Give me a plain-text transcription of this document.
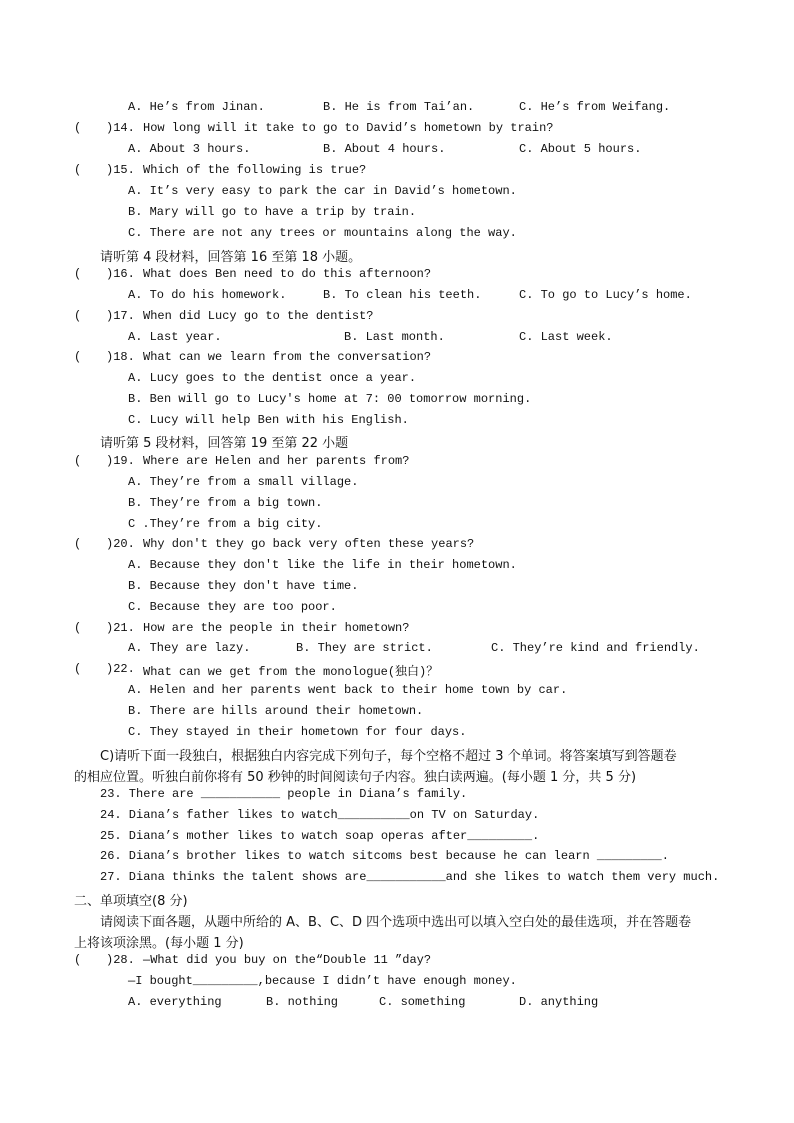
A. He’s from Jinan.	B. He is from Tai’an.	C. He’s from Weifang.
( )14. How long will it take to go to David’s hometown by train?
A. About 3 hours.	B. About 4 hours.	C. About 5 hours.
( )15. Which of the following is true?
A. It’s very easy to park the car in David’s hometown.
B. Mary will go to have a trip by train.
C. There are not any trees or mountains along the way.
请听第 4 段材料，回答第 16 至第 18 小题。
( )16. What does Ben need to do this afternoon?
A. To do his homework.	B. To clean his teeth.	C. To go to Lucy’s home.
( )17. When did Lucy go to the dentist?
A. Last year.	B. Last month.	C. Last week.
( )18. What can we learn from the conversation?
A. Lucy goes to the dentist once a year.
B. Ben will go to Lucy's home at 7: 00 tomorrow morning.
C. Lucy will help Ben with his English.
请听第 5 段材料，回答第 19 至第 22 小题
( )19. Where are Helen and her parents from?
A. They’re from a small village.
B. They’re from a big town.
C .They’re from a big city.
( )20. Why don't they go back very often these years?
A. Because they don't like the life in their hometown.
B. Because they don't have time.
C. Because they are too poor.
( )21. How are the people in their hometown?
A. They are lazy.	B. They are strict.	C. They’re kind and friendly.
( )22. What can we get from the monologue(独白)？
A. Helen and her parents went back to their home town by car.
B. There are hills around their hometown.
C. They stayed in their hometown for four days.
C)请听下面一段独白，根据独白内容完成下列句子，每个空格不超过 3 个单词。将答案填写到答题卷
的相应位置。听独白前你将有 50 秒钟的时间阅读句子内容。独白读两遍。(每小题 1 分，共 5 分)
23. There are ___________ people in Diana’s family.
24. Diana’s father likes to watch__________on TV on Saturday.
25. Diana’s mother likes to watch soap operas after_________.
26. Diana’s brother likes to watch sitcoms best because he can learn _________.
27. Diana thinks the talent shows are___________and she likes to watch them very much.
二、单项填空(8 分)
请阅读下面各题，从题中所给的 A、B、C、D 四个选项中选出可以填入空白处的最佳选项，并在答题卷
上将该项涂黑。(每小题 1 分)
( )28. —What did you buy on the“Double 11 ”day?
—I bought_________,because I didn’t have enough money.
A. everything	B. nothing	C. something	D. anything
